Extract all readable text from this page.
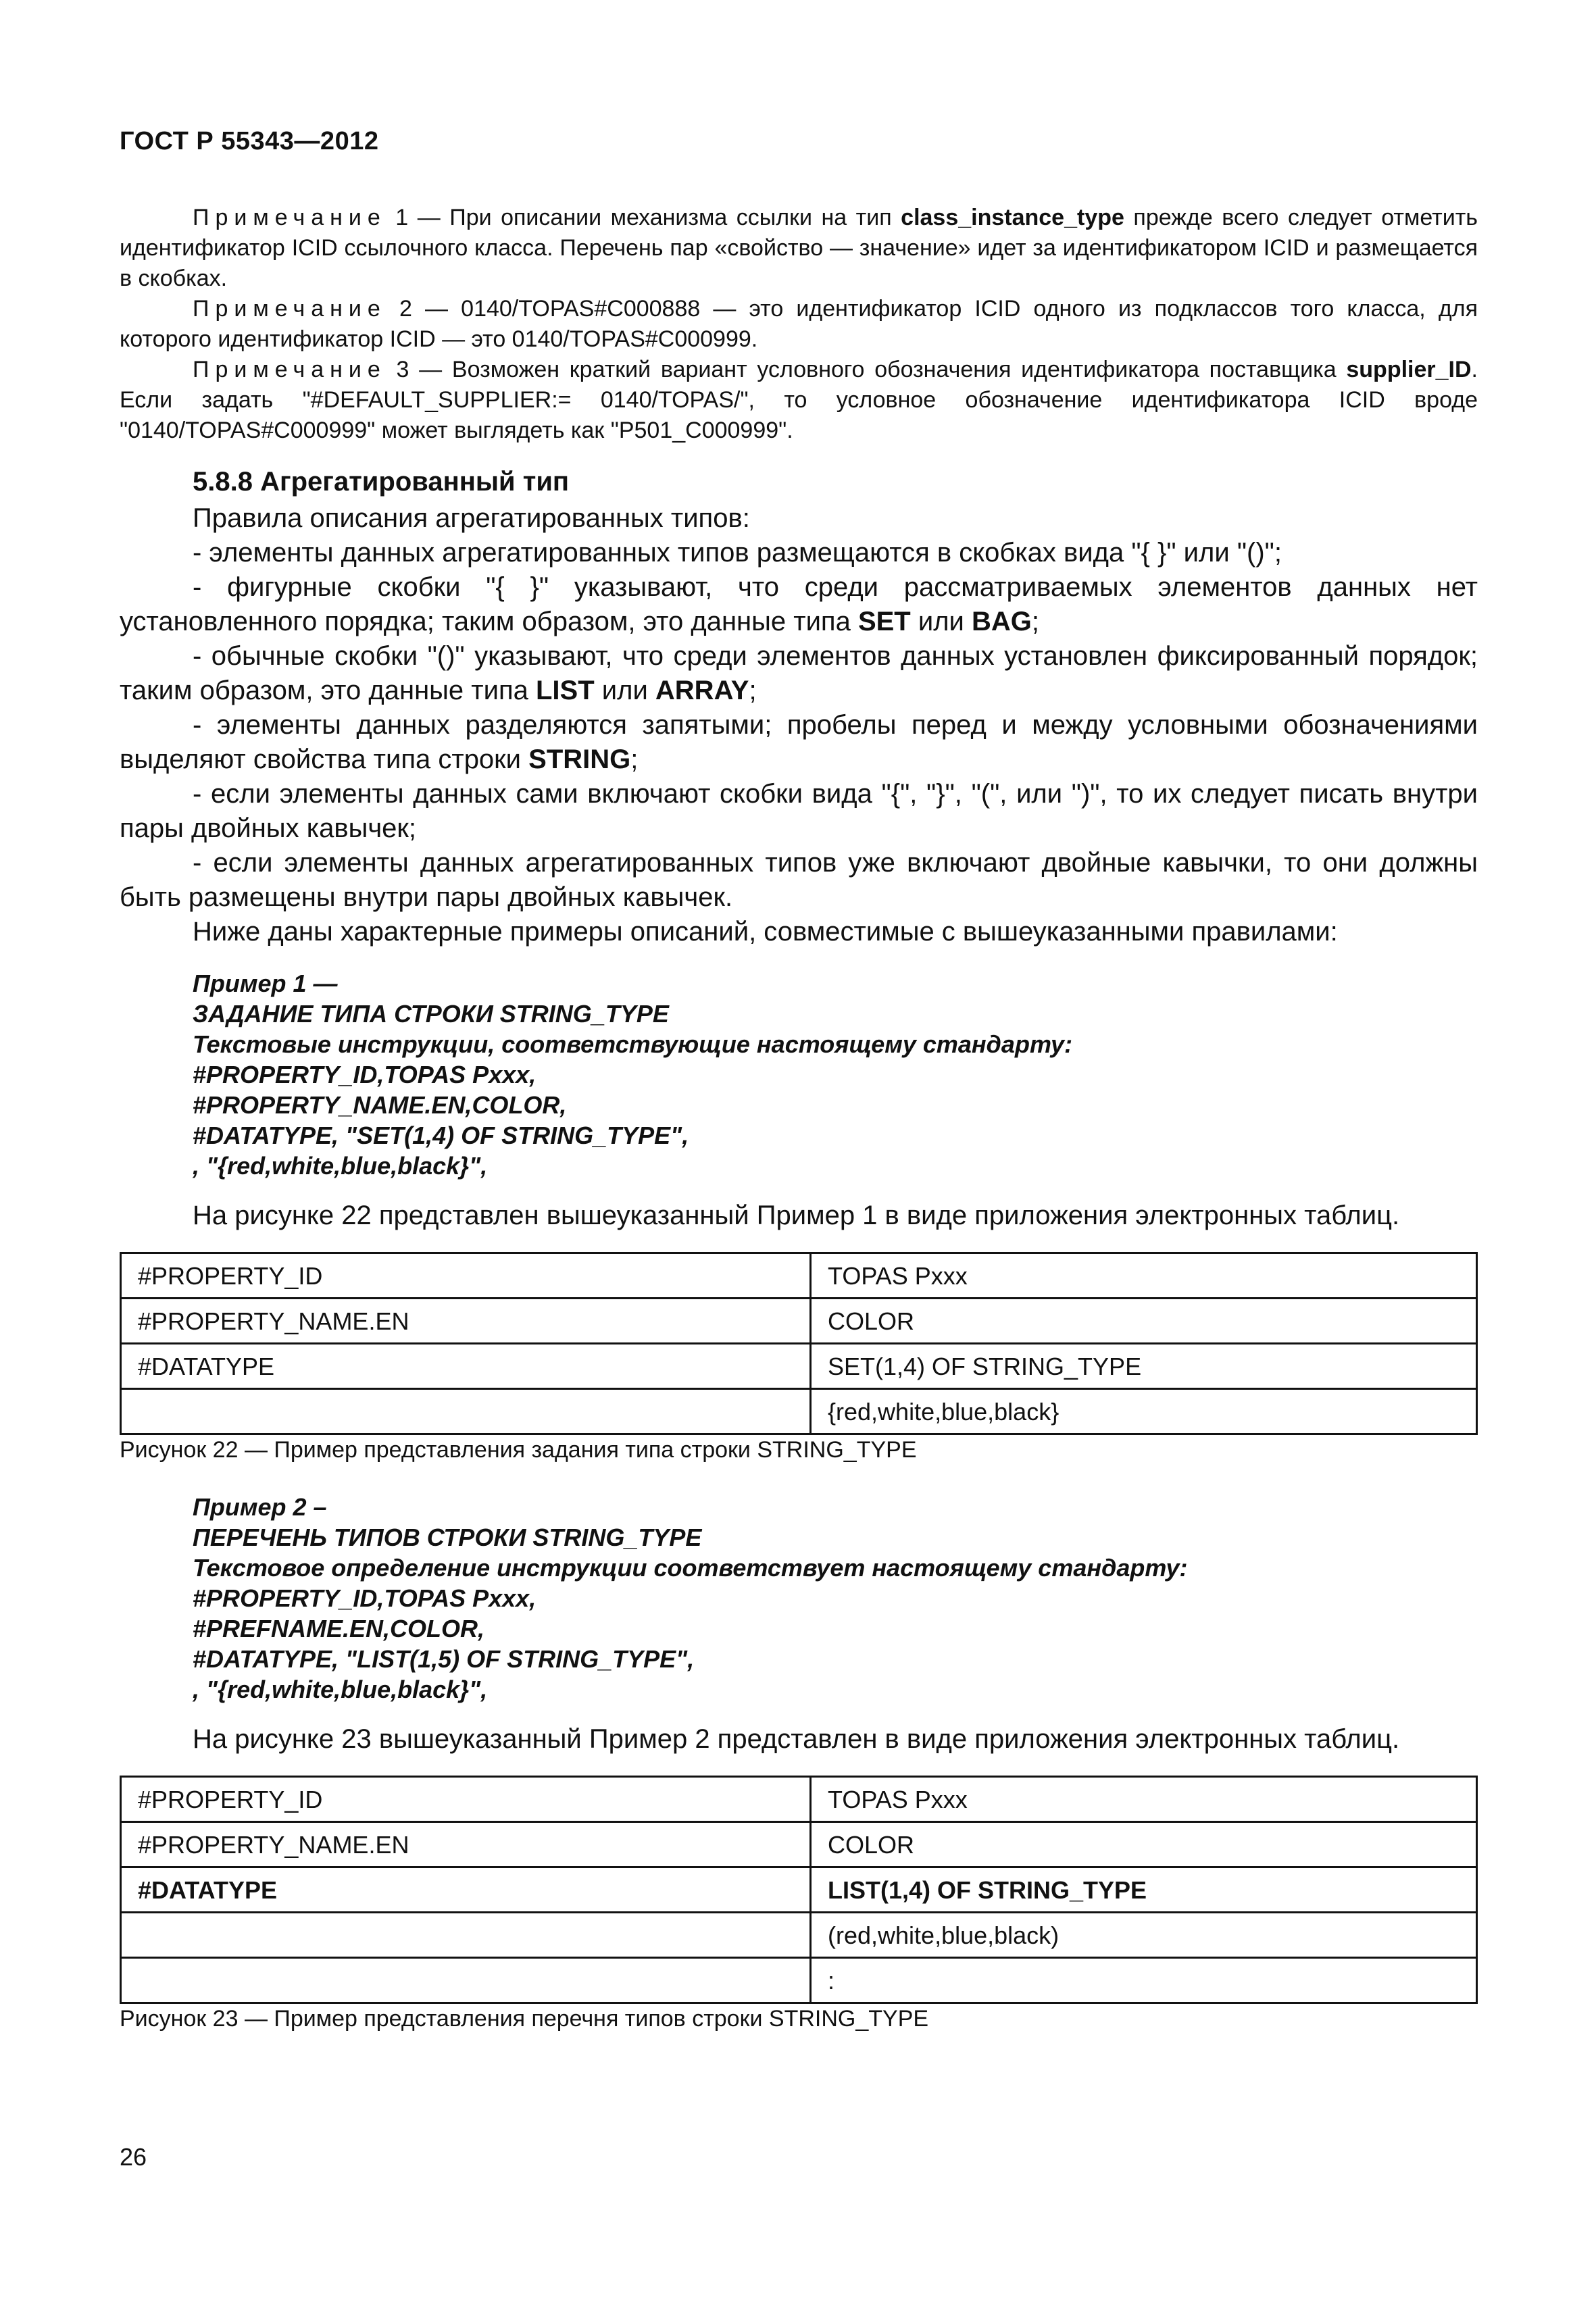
ГОСТ Р 55343—2012

Примечание 1 — При описании механизма ссылки на тип class_instance_type прежде всего следует отметить идентификатор ICID ссылочного класса. Перечень пар «свойство — значение» идет за идентификатором ICID и размещается в скобках.

Примечание 2 — 0140/TOPAS#C000888 — это идентификатор ICID одного из подклассов того класса, для которого идентификатор ICID — это 0140/TOPAS#C000999.

Примечание 3 — Возможен краткий вариант условного обозначения идентификатора поставщика supplier_ID. Если задать "#DEFAULT_SUPPLIER:= 0140/TOPAS/", то условное обозначение идентификатора ICID вроде "0140/TOPAS#C000999" может выглядеть как "P501_C000999".

5.8.8 Агрегатированный тип

Правила описания агрегатированных типов:

- элементы данных агрегатированных типов размещаются в скобках вида "{ }" или "()";

- фигурные скобки "{ }" указывают, что среди рассматриваемых элементов данных нет установленного порядка; таким образом, это данные типа SET или BAG;

- обычные скобки "()" указывают, что среди элементов данных установлен фиксированный порядок; таким образом, это данные типа LIST или ARRAY;

- элементы данных разделяются запятыми; пробелы перед и между условными обозначениями выделяют свойства типа строки STRING;

- если элементы данных сами включают скобки вида "{", "}", "(", или ")", то их следует писать внутри пары двойных кавычек;

- если элементы данных агрегатированных типов уже включают двойные кавычки, то они должны быть размещены внутри пары двойных кавычек.

Ниже даны характерные примеры описаний, совместимые с вышеуказанными правилами:

Пример 1 —
ЗАДАНИЕ ТИПА СТРОКИ STRING_TYPE
Текстовые инструкции, соответствующие настоящему стандарту:
#PROPERTY_ID,TOPAS Pxxx,
#PROPERTY_NAME.EN,COLOR,
#DATATYPE, "SET(1,4) OF STRING_TYPE",
, "{red,white,blue,black}",

На рисунке 22 представлен вышеуказанный Пример 1 в виде приложения электронных таблиц.

#PROPERTY_ID	TOPAS Pxxx
#PROPERTY_NAME.EN	COLOR
#DATATYPE	SET(1,4) OF STRING_TYPE
	{red,white,blue,black}

Рисунок 22 — Пример представления задания типа строки STRING_TYPE

Пример 2 –
ПЕРЕЧЕНЬ ТИПОВ СТРОКИ STRING_TYPE
Текстовое определение инструкции соответствует настоящему стандарту:
#PROPERTY_ID,TOPAS Pxxx,
#PREFNAME.EN,COLOR,
#DATATYPE, "LIST(1,5) OF STRING_TYPE",
, "{red,white,blue,black}",

На рисунке 23 вышеуказанный Пример 2 представлен в виде приложения электронных таблиц.

#PROPERTY_ID	TOPAS Pxxx
#PROPERTY_NAME.EN	COLOR
#DATATYPE	LIST(1,4) OF STRING_TYPE
	(red,white,blue,black)
	:

Рисунок 23 — Пример представления перечня типов строки STRING_TYPE

26
